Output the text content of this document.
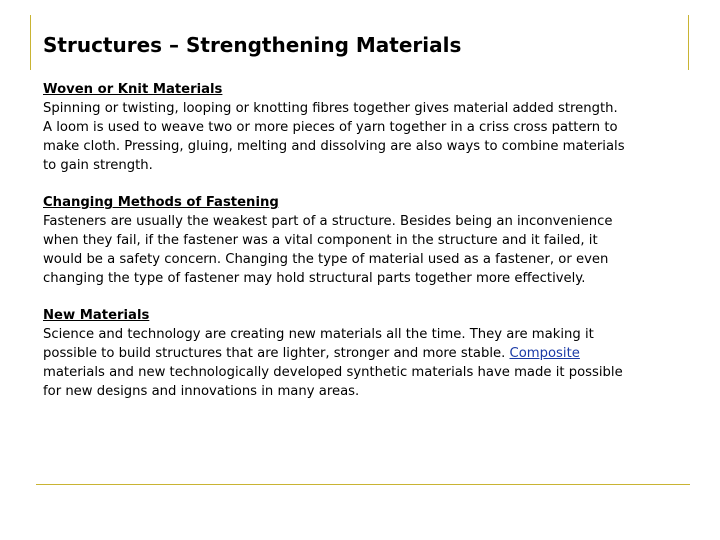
Structures – Strengthening Materials
Woven or Knit Materials
Spinning or twisting, looping or knotting fibres together gives material added strength.
A loom is used to weave two or more pieces of yarn together in a criss cross pattern to
make cloth. Pressing, gluing, melting and dissolving are also ways to combine materials
to gain strength.
Changing Methods of Fastening
Fasteners are usually the weakest part of a structure. Besides being an inconvenience
when they fail, if the fastener was a vital component in the structure and it failed, it
would be a safety concern. Changing the type of material used as a fastener, or even
changing the type of fastener may hold structural parts together more effectively.
New Materials
Science and technology are creating new materials all the time. They are making it
possible to build structures that are lighter, stronger and more stable. Composite
materials and new technologically developed synthetic materials have made it possible
for new designs and innovations in many areas.
